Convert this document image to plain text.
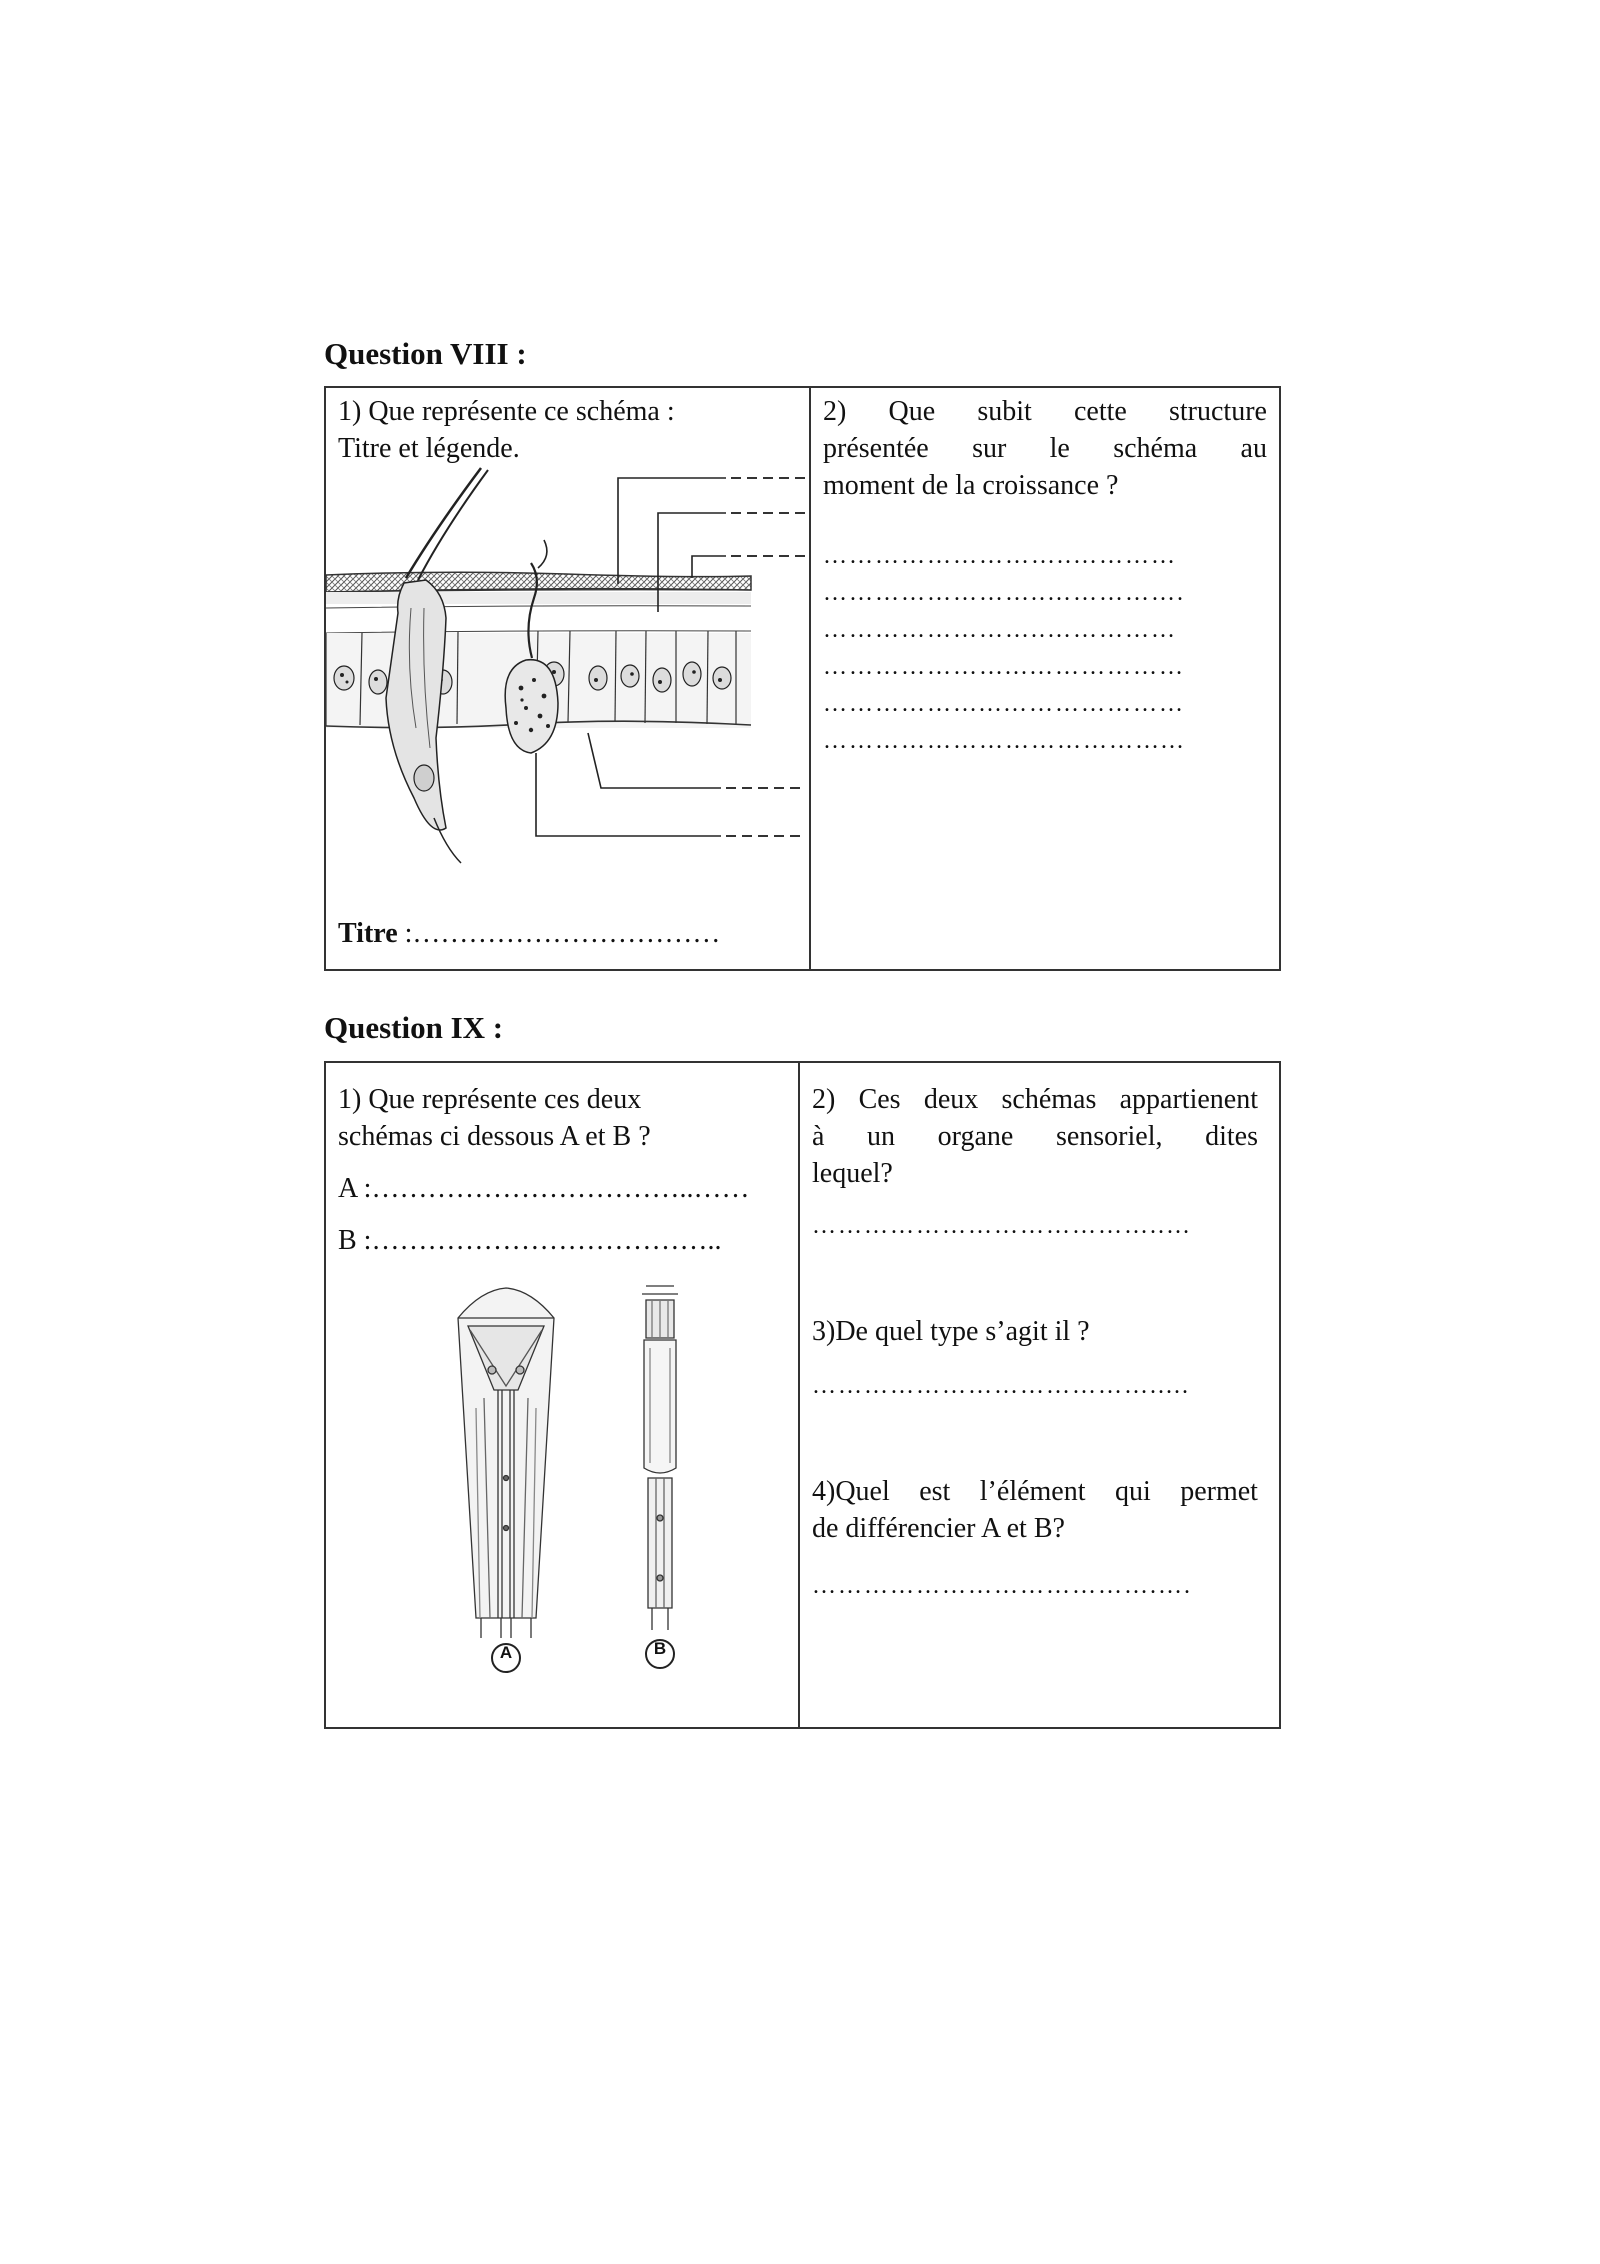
Question VIII :
1) Que représente ce schéma :
Titre et légende.
Titre :……………………………
2) Que subit cette structure
présentée sur le schéma au
moment de la croissance ?
………………………..…………
……………………..…………….
……………………..……………
…………………...………………
………………...…………………
…………………………………...
Question IX :
1) Que représente ces deux
schémas ci dessous A et B ?
A :……………………………..……
B :………………………………..
A	B
2) Ces deux schémas appartienent
à un organe sensoriel, dites
lequel?
…………………………………..…
3)De quel type s’agit il ?
………………………………….....
4)Quel est l’élément qui permet
de différencier A et B?
………………………………….….
